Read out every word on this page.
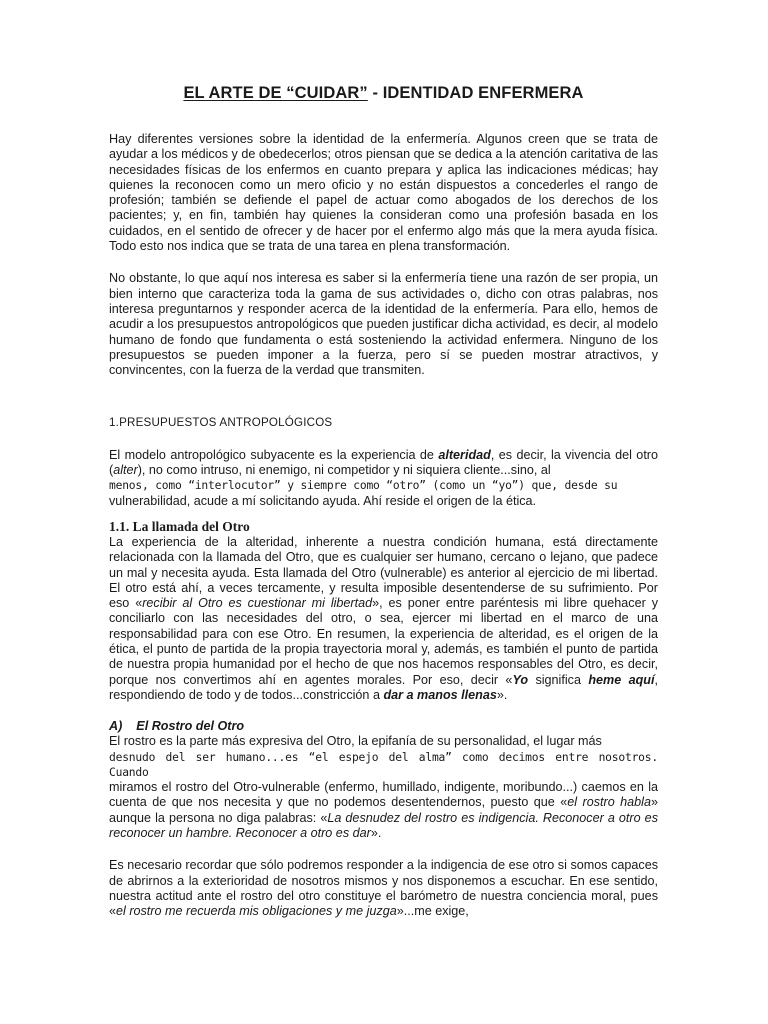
EL ARTE DE “CUIDAR” - IDENTIDAD ENFERMERA

Hay diferentes versiones sobre la identidad de la enfermería. Algunos creen que se trata de ayudar a los médicos y de obedecerlos; otros piensan que se dedica a la atención caritativa de las necesidades físicas de los enfermos en cuanto prepara y aplica las indicaciones médicas; hay quienes la reconocen como un mero oficio y no están dispuestos a concederles el rango de profesión; también se defiende el papel de actuar como abogados de los derechos de los pacientes; y, en fin, también hay quienes la consideran como una profesión basada en los cuidados, en el sentido de ofrecer y de hacer por el enfermo algo más que la mera ayuda física. Todo esto nos indica que se trata de una tarea en plena transformación.

No obstante, lo que aquí nos interesa es saber si la enfermería tiene una razón de ser propia, un bien interno que caracteriza toda la gama de sus actividades o, dicho con otras palabras, nos interesa preguntarnos y responder acerca de la identidad de la enfermería. Para ello, hemos de acudir a los presupuestos antropológicos que pueden justificar dicha actividad, es decir, al modelo humano de fondo que fundamenta o está sosteniendo la actividad enfermera. Ninguno de los presupuestos se pueden imponer a la fuerza, pero sí se pueden mostrar atractivos, y convincentes, con la fuerza de la verdad que transmiten.

1.PRESUPUESTOS ANTROPOLÓGICOS

El modelo antropológico subyacente es la experiencia de alteridad, es decir, la vivencia del otro (alter), no como intruso, ni enemigo, ni competidor y ni siquiera cliente...sino, al
menos, como “interlocutor” y siempre como “otro” (como un “yo”) que, desde su
vulnerabilidad, acude a mí solicitando ayuda. Ahí reside el origen de la ética.

1.1. La llamada del Otro

La experiencia de la alteridad, inherente a nuestra condición humana, está directamente relacionada con la llamada del Otro, que es cualquier ser humano, cercano o lejano, que padece un mal y necesita ayuda. Esta llamada del Otro (vulnerable) es anterior al ejercicio de mi libertad. El otro está ahí, a veces tercamente, y resulta imposible desentenderse de su sufrimiento. Por eso «recibir al Otro es cuestionar mi libertad», es poner entre paréntesis mi libre quehacer y conciliarlo con las necesidades del otro, o sea, ejercer mi libertad en el marco de una responsabilidad para con ese Otro. En resumen, la experiencia de alteridad, es el origen de la ética, el punto de partida de la propia trayectoria moral y, además, es también el punto de partida de nuestra propia humanidad por el hecho de que nos hacemos responsables del Otro, es decir, porque nos convertimos ahí en agentes morales. Por eso, decir «Yo significa heme aquí, respondiendo de todo y de todos...constricción a dar a manos llenas».

A) El Rostro del Otro

El rostro es la parte más expresiva del Otro, la epifanía de su personalidad, el lugar más
desnudo del ser humano...es “el espejo del alma” como decimos entre nosotros. Cuando
miramos el rostro del Otro-vulnerable (enfermo, humillado, indigente, moribundo...) caemos en la cuenta de que nos necesita y que no podemos desentendernos, puesto que «el rostro habla» aunque la persona no diga palabras: «La desnudez del rostro es indigencia. Reconocer a otro es reconocer un hambre. Reconocer a otro es dar».

Es necesario recordar que sólo podremos responder a la indigencia de ese otro si somos capaces de abrirnos a la exterioridad de nosotros mismos y nos disponemos a escuchar. En ese sentido, nuestra actitud ante el rostro del otro constituye el barómetro de nuestra conciencia moral, pues «el rostro me recuerda mis obligaciones y me juzga»...me exige,
